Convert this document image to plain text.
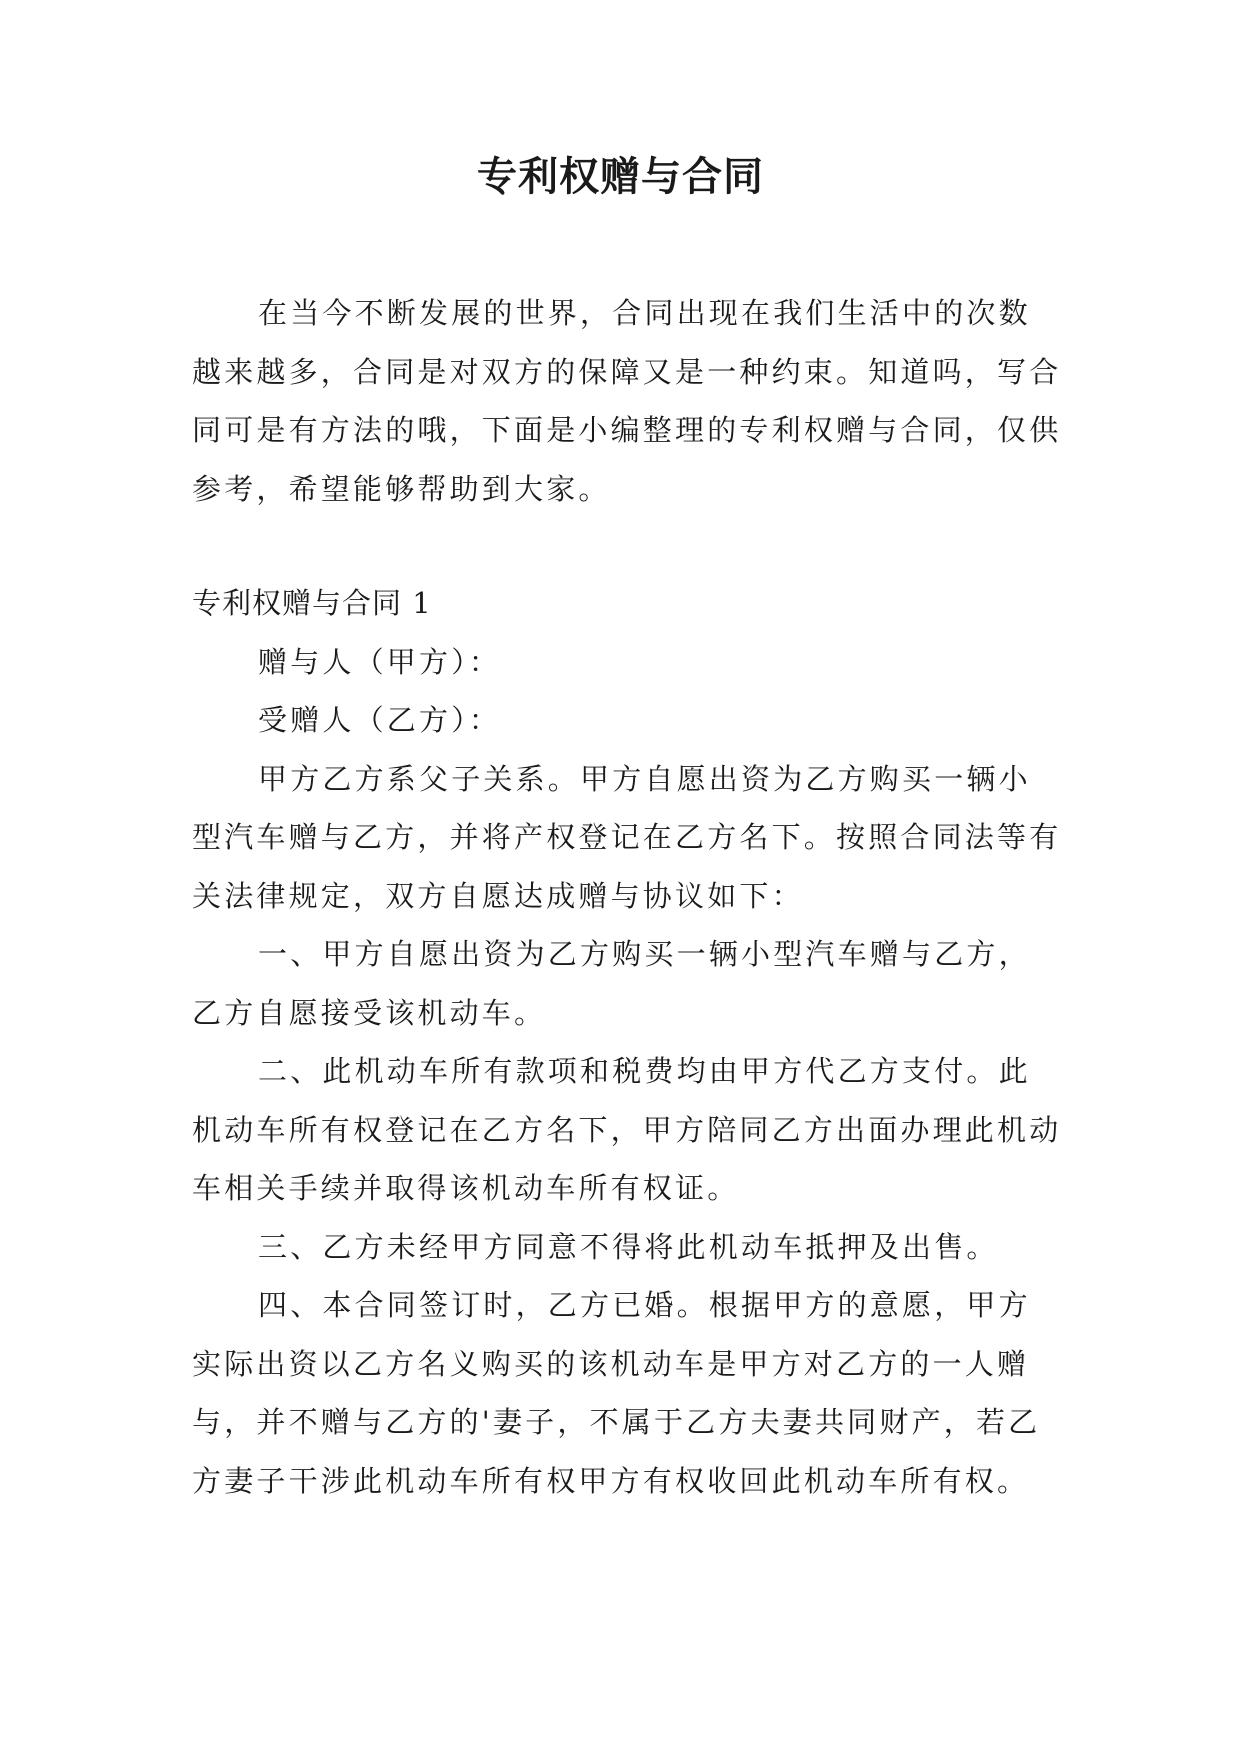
专利权赠与合同

在当今不断发展的世界，合同出现在我们生活中的次数越来越多，合同是对双方的保障又是一种约束。知道吗，写合同可是有方法的哦，下面是小编整理的专利权赠与合同，仅供参考，希望能够帮助到大家。

专利权赠与合同 1

赠与人（甲方）：

受赠人（乙方）：

甲方乙方系父子关系。甲方自愿出资为乙方购买一辆小型汽车赠与乙方，并将产权登记在乙方名下。按照合同法等有关法律规定，双方自愿达成赠与协议如下：

一、甲方自愿出资为乙方购买一辆小型汽车赠与乙方，乙方自愿接受该机动车。

二、此机动车所有款项和税费均由甲方代乙方支付。此机动车所有权登记在乙方名下，甲方陪同乙方出面办理此机动车相关手续并取得该机动车所有权证。

三、乙方未经甲方同意不得将此机动车抵押及出售。

四、本合同签订时，乙方已婚。根据甲方的意愿，甲方实际出资以乙方名义购买的该机动车是甲方对乙方的一人赠与，并不赠与乙方的'妻子，不属于乙方夫妻共同财产，若乙方妻子干涉此机动车所有权甲方有权收回此机动车所有权。
